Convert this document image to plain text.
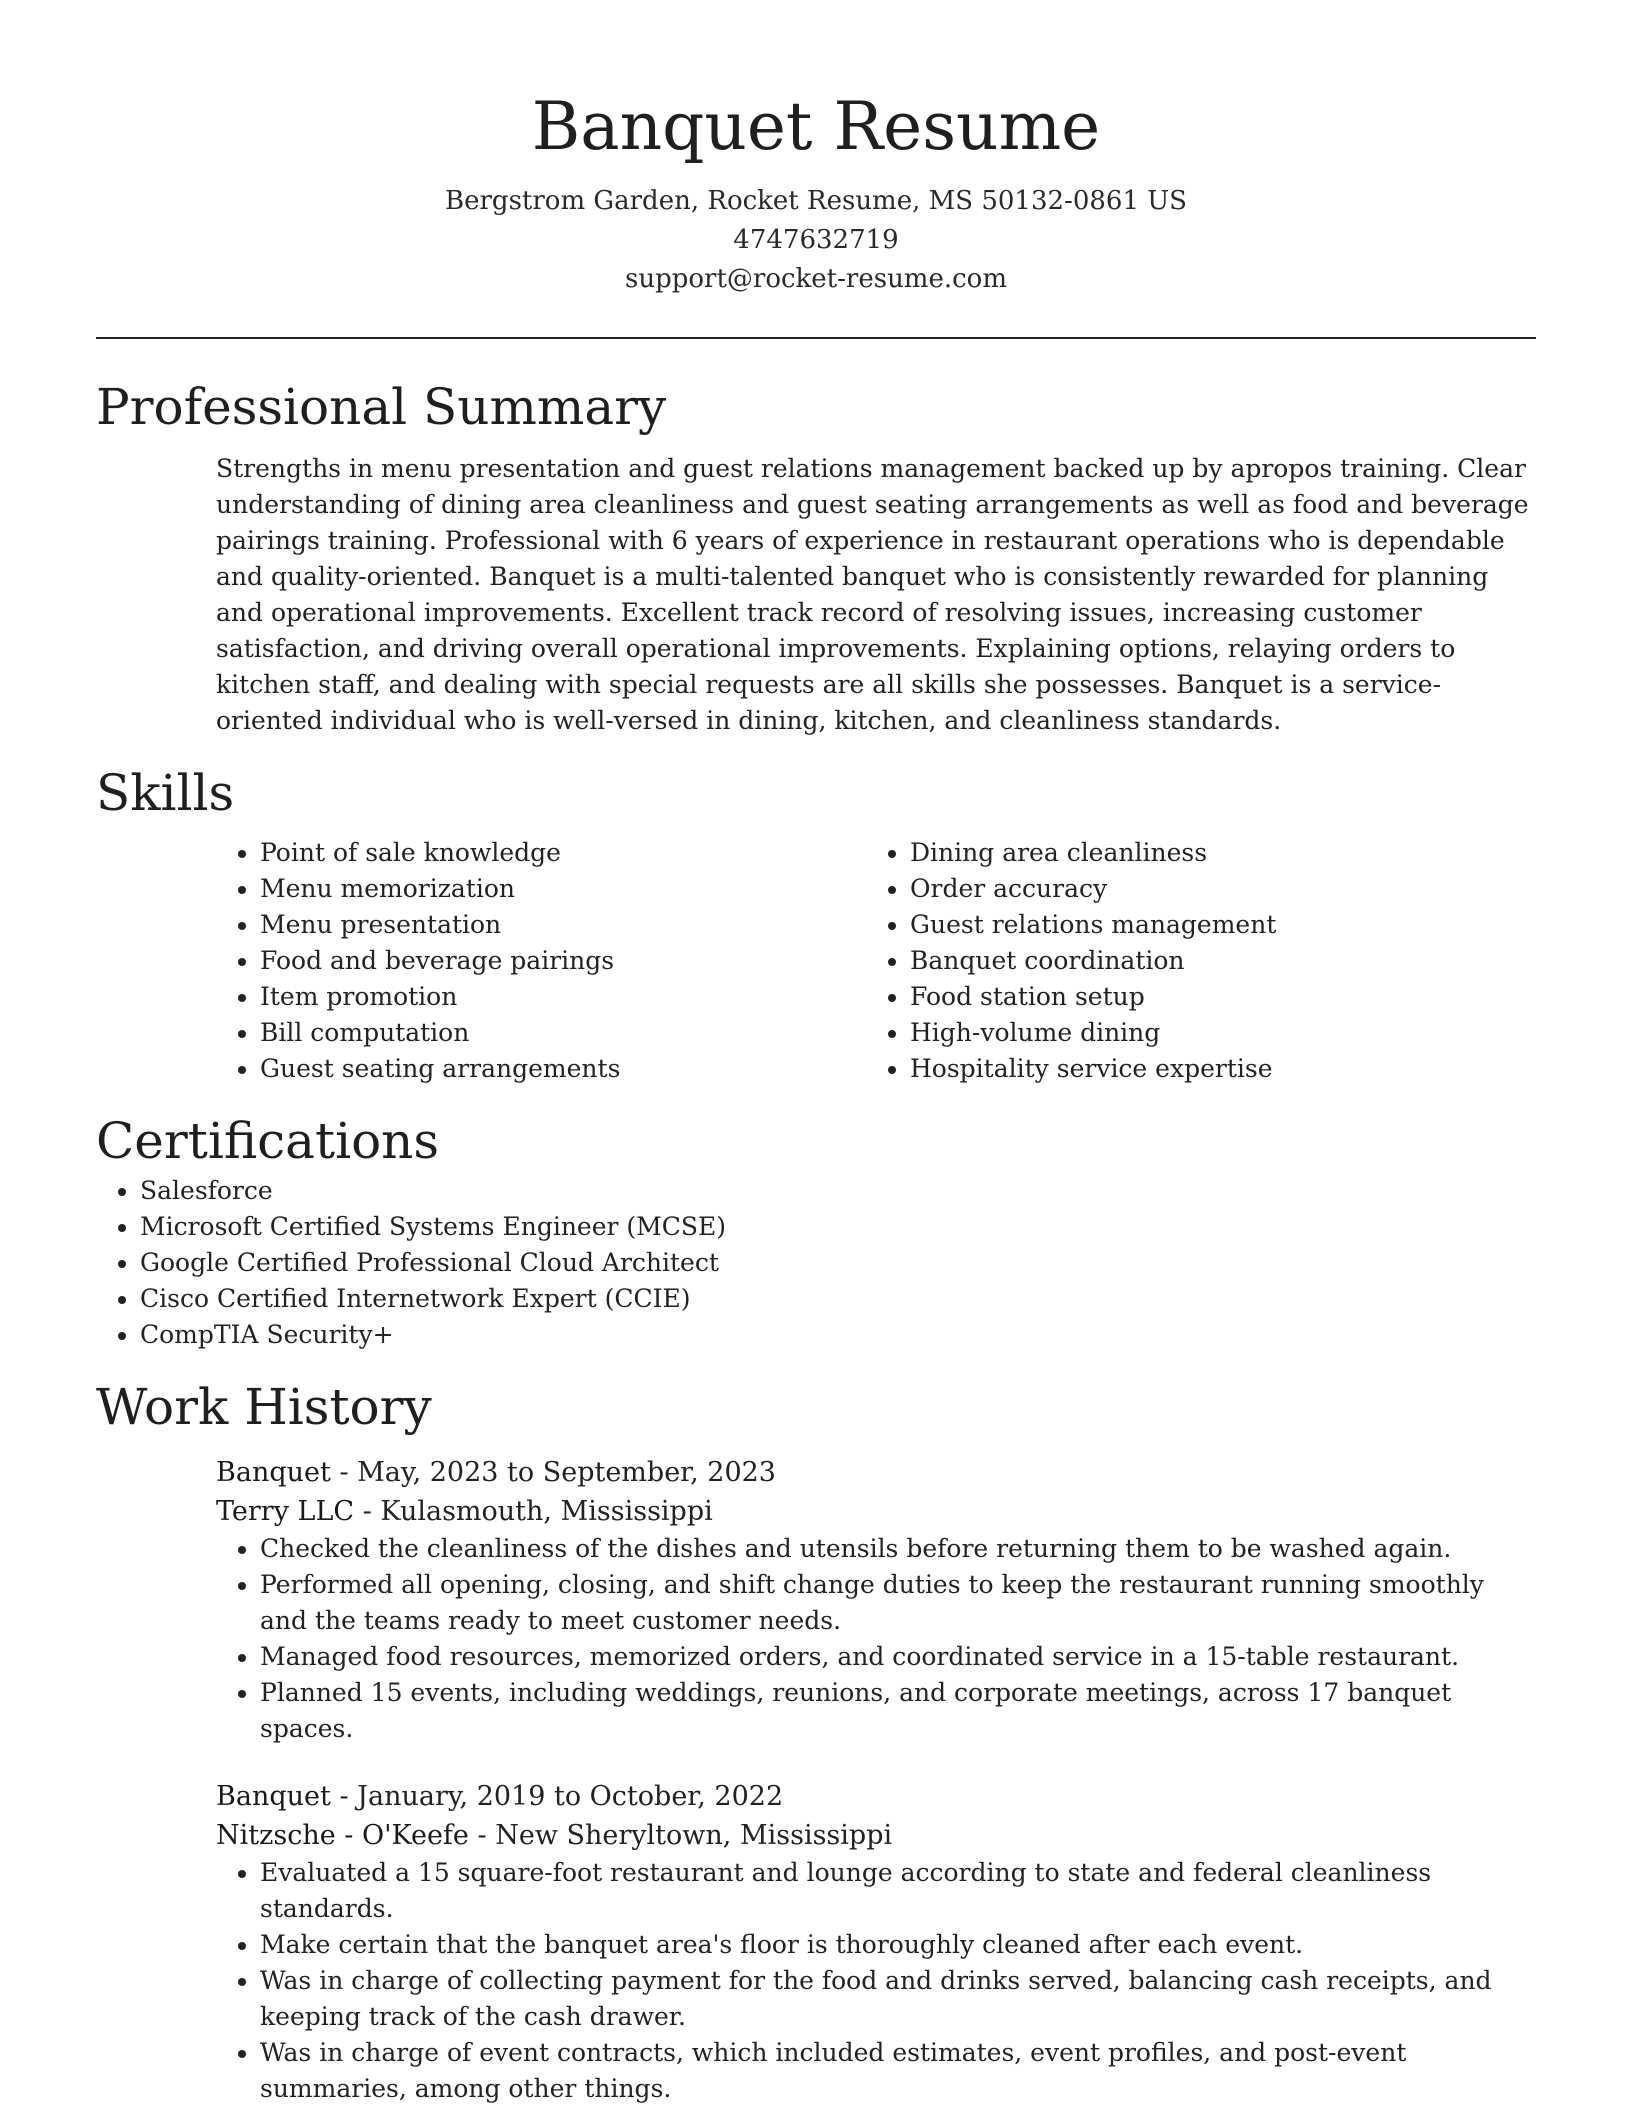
Banquet Resume
Bergstrom Garden, Rocket Resume, MS 50132-0861 US
4747632719
support@rocket-resume.com
Professional Summary

Strengths in menu presentation and guest relations management backed up by apropos training. Clear understanding of dining area cleanliness and guest seating arrangements as well as food and beverage pairings training. Professional with 6 years of experience in restaurant operations who is dependable and quality-oriented. Banquet is a multi-talented banquet who is consistently rewarded for planning and operational improvements. Excellent track record of resolving issues, increasing customer satisfaction, and driving overall operational improvements. Explaining options, relaying orders to kitchen staff, and dealing with special requests are all skills she possesses. Banquet is a service-oriented individual who is well-versed in dining, kitchen, and cleanliness standards.

Skills
• Point of sale knowledge
• Menu memorization
• Menu presentation
• Food and beverage pairings
• Item promotion
• Bill computation
• Guest seating arrangements
• Dining area cleanliness
• Order accuracy
• Guest relations management
• Banquet coordination
• Food station setup
• High-volume dining
• Hospitality service expertise
Certifications
• Salesforce
• Microsoft Certified Systems Engineer (MCSE)
• Google Certified Professional Cloud Architect
• Cisco Certified Internetwork Expert (CCIE)
• CompTIA Security+
Work History
Banquet - May, 2023 to September, 2023
Terry LLC - Kulasmouth, Mississippi
• Checked the cleanliness of the dishes and utensils before returning them to be washed again.
• Performed all opening, closing, and shift change duties to keep the restaurant running smoothly and the teams ready to meet customer needs.
• Managed food resources, memorized orders, and coordinated service in a 15-table restaurant.
• Planned 15 events, including weddings, reunions, and corporate meetings, across 17 banquet spaces.
Banquet - January, 2019 to October, 2022
Nitzsche - O'Keefe - New Sheryltown, Mississippi
• Evaluated a 15 square-foot restaurant and lounge according to state and federal cleanliness standards.
• Make certain that the banquet area's floor is thoroughly cleaned after each event.
• Was in charge of collecting payment for the food and drinks served, balancing cash receipts, and keeping track of the cash drawer.
• Was in charge of event contracts, which included estimates, event profiles, and post-event summaries, among other things.
